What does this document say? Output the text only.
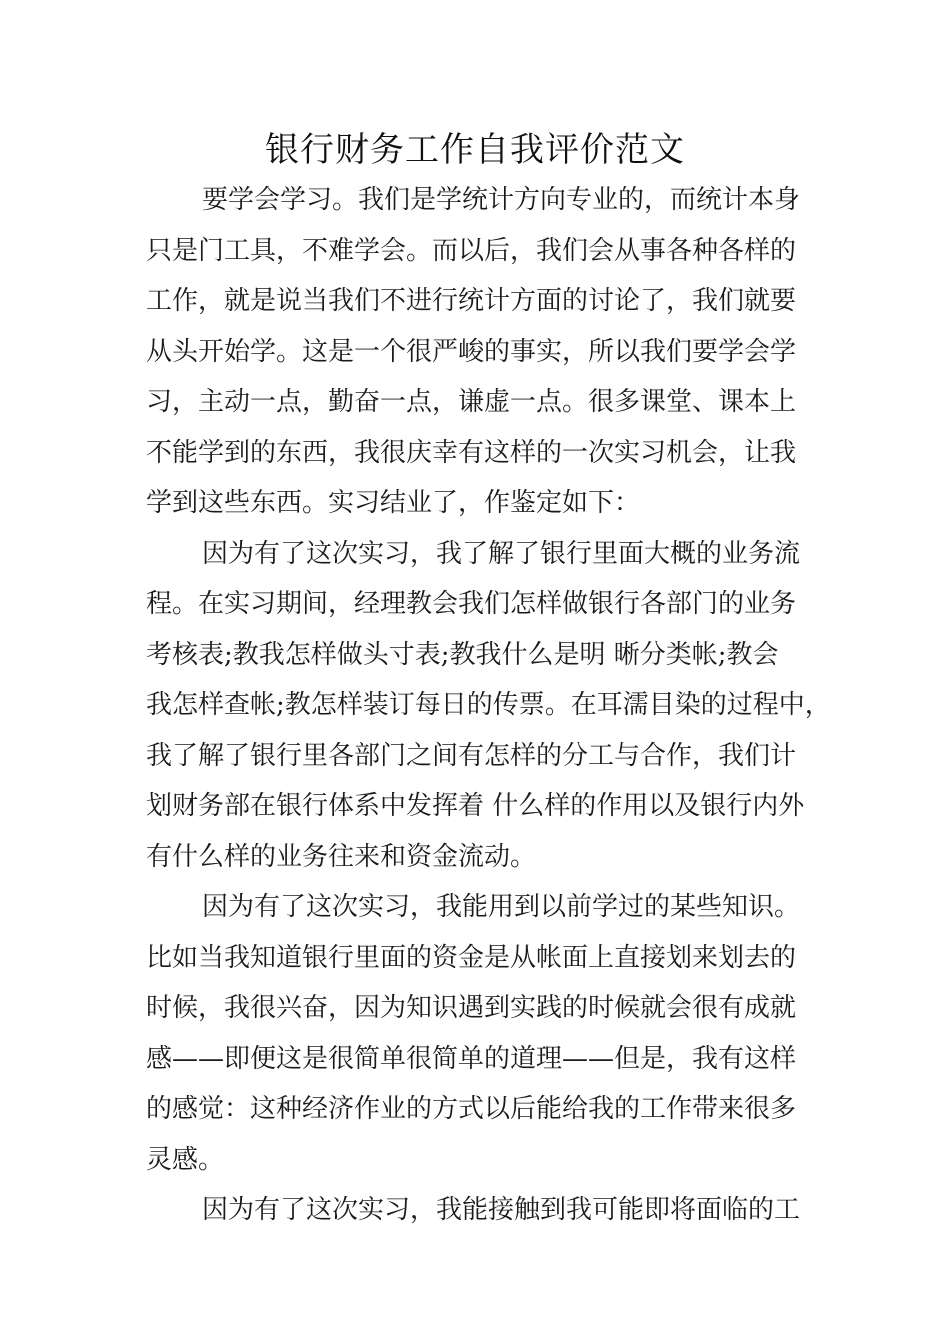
银行财务工作自我评价范文
要学会学习。我们是学统计方向专业的，而统计本身
只是门工具，不难学会。而以后，我们会从事各种各样的
工作，就是说当我们不进行统计方面的讨论了，我们就要
从头开始学。这是一个很严峻的事实，所以我们要学会学
习，主动一点，勤奋一点，谦虚一点。很多课堂、课本上
不能学到的东西，我很庆幸有这样的一次实习机会，让我
学到这些东西。实习结业了，作鉴定如下：
因为有了这次实习，我了解了银行里面大概的业务流
程。在实习期间，经理教会我们怎样做银行各部门的业务
考核表;教我怎样做头寸表;教我什么是明 晰分类帐;教会
我怎样查帐;教怎样装订每日的传票。在耳濡目染的过程中，
我了解了银行里各部门之间有怎样的分工与合作，我们计
划财务部在银行体系中发挥着 什么样的作用以及银行内外
有什么样的业务往来和资金流动。
因为有了这次实习，我能用到以前学过的某些知识。
比如当我知道银行里面的资金是从帐面上直接划来划去的
时候，我很兴奋，因为知识遇到实践的时候就会很有成就
感——即便这是很简单很简单的道理——但是，我有这样
的感觉：这种经济作业的方式以后能给我的工作带来很多
灵感。
因为有了这次实习，我能接触到我可能即将面临的工
